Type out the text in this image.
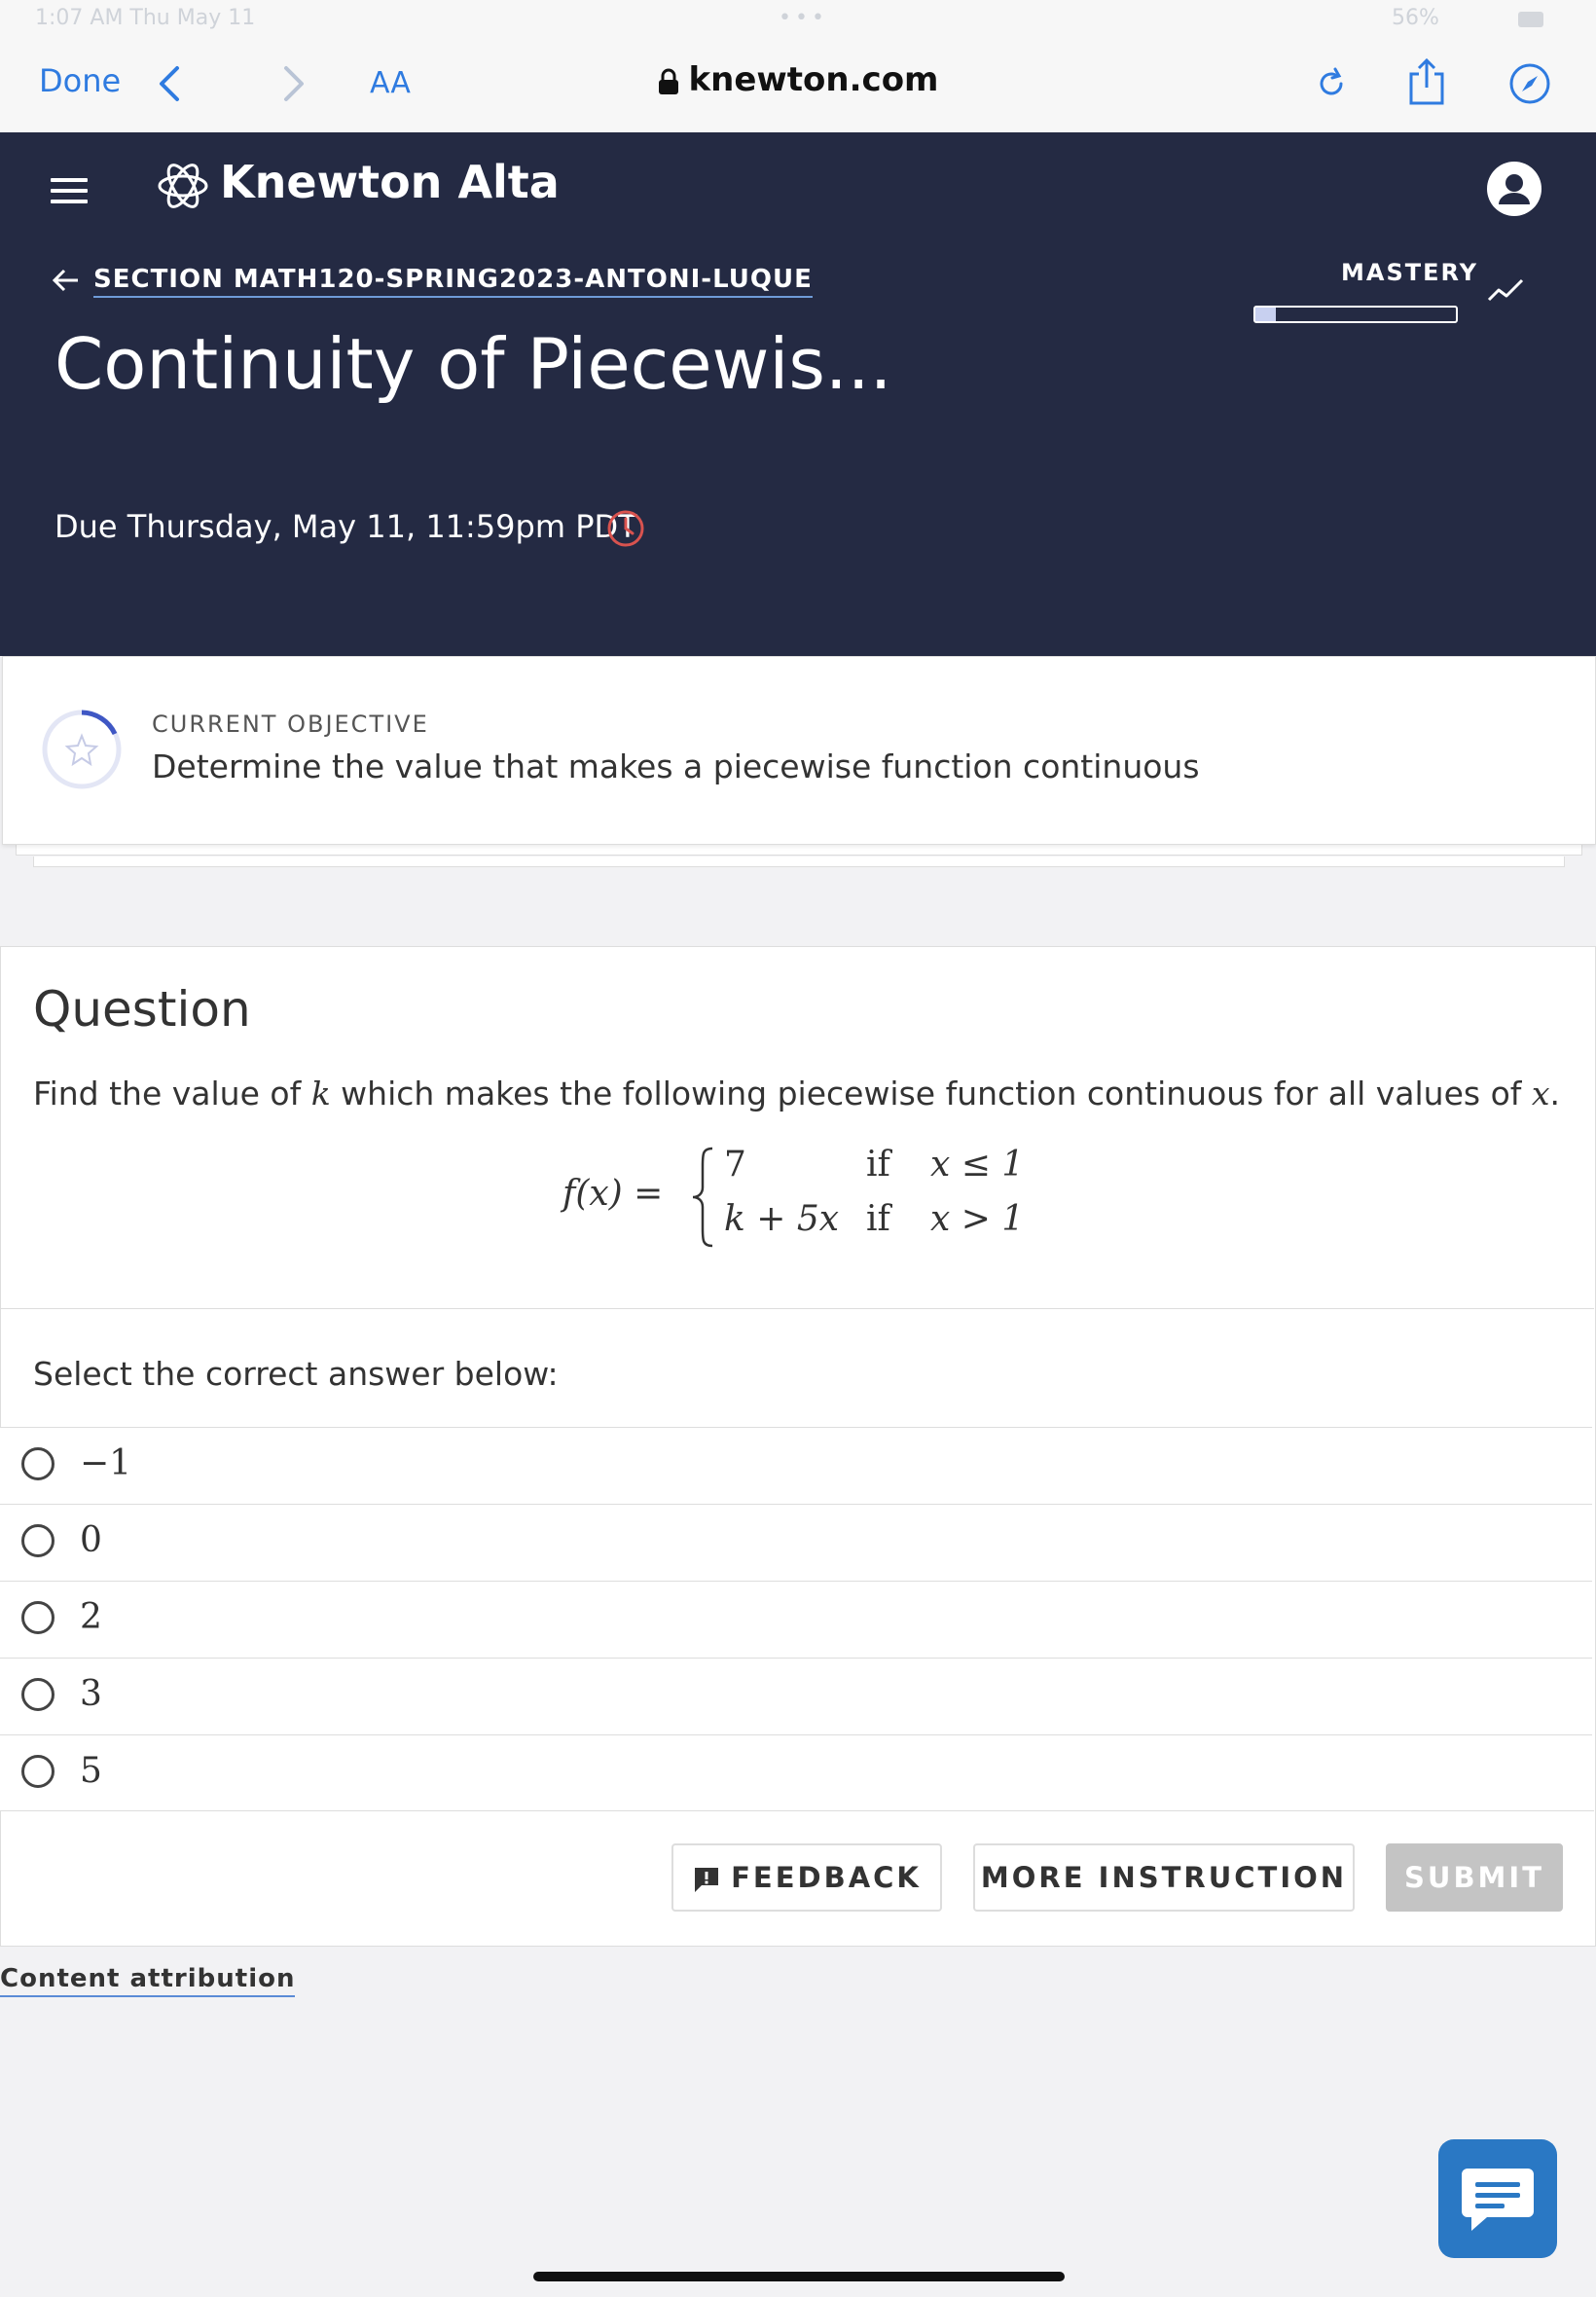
1:07 AM Thu May 11	•••	56%
Done	AA	knewton.com
Knewton Alta
SECTION MATH120-SPRING2023-ANTONI-LUQUE	MASTERY
Continuity of Piecewis...
Due Thursday, May 11, 11:59pm PDT
CURRENT OBJECTIVE
Determine the value that makes a piecewise function continuous
Question
Find the value of k which makes the following piecewise function continuous for all values of x.
f(x) =
7	if x ≤ 1
k + 5x if x > 1
Select the correct answer below:
−1
0
2
3
5
FEEDBACK	MORE INSTRUCTION	SUBMIT
Content attribution
